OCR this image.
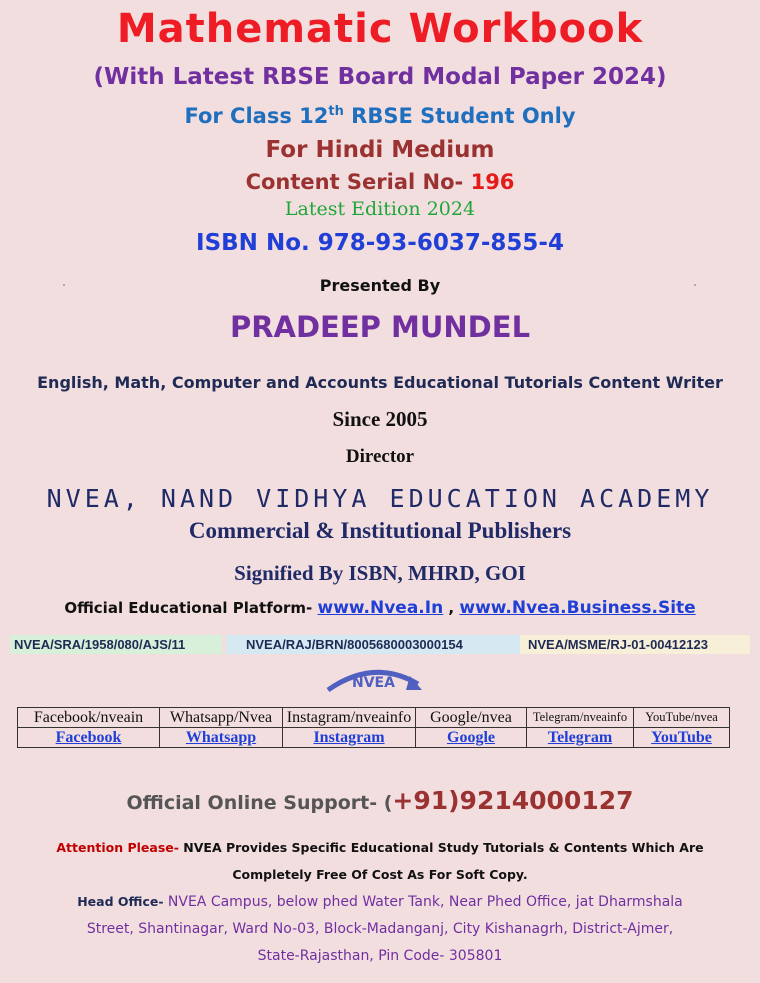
Mathematic Workbook
(With Latest RBSE Board Modal Paper 2024)
For Class 12th RBSE Student Only
For Hindi Medium
Content Serial No- 196
Latest Edition 2024
ISBN No. 978-93-6037-855-4
Presented By
PRADEEP MUNDEL
English, Math, Computer and Accounts Educational Tutorials Content Writer
Since 2005
Director
NVEA, NAND VIDHYA EDUCATION ACADEMY
Commercial & Institutional Publishers
Signified By ISBN, MHRD, GOI
Official Educational Platform- www.Nvea.In , www.Nvea.Business.Site
NVEA/SRA/1958/080/AJS/11	NVEA/RAJ/BRN/8005680003000154	NVEA/MSME/RJ-01-00412123
NVEA
Facebook/nveain	Whatsapp/Nvea	Instagram/nveainfo	Google/nvea	Telegram/nveainfo	YouTube/nvea
Facebook	Whatsapp	Instagram	Google	Telegram	YouTube
Official Online Support- (+91)9214000127
Attention Please- NVEA Provides Specific Educational Study Tutorials & Contents Which Are
Completely Free Of Cost As For Soft Copy.
Head Office- NVEA Campus, below phed Water Tank, Near Phed Office, jat Dharmshala
Street, Shantinagar, Ward No-03, Block-Madanganj, City Kishanagrh, District-Ajmer,
State-Rajasthan, Pin Code- 305801
